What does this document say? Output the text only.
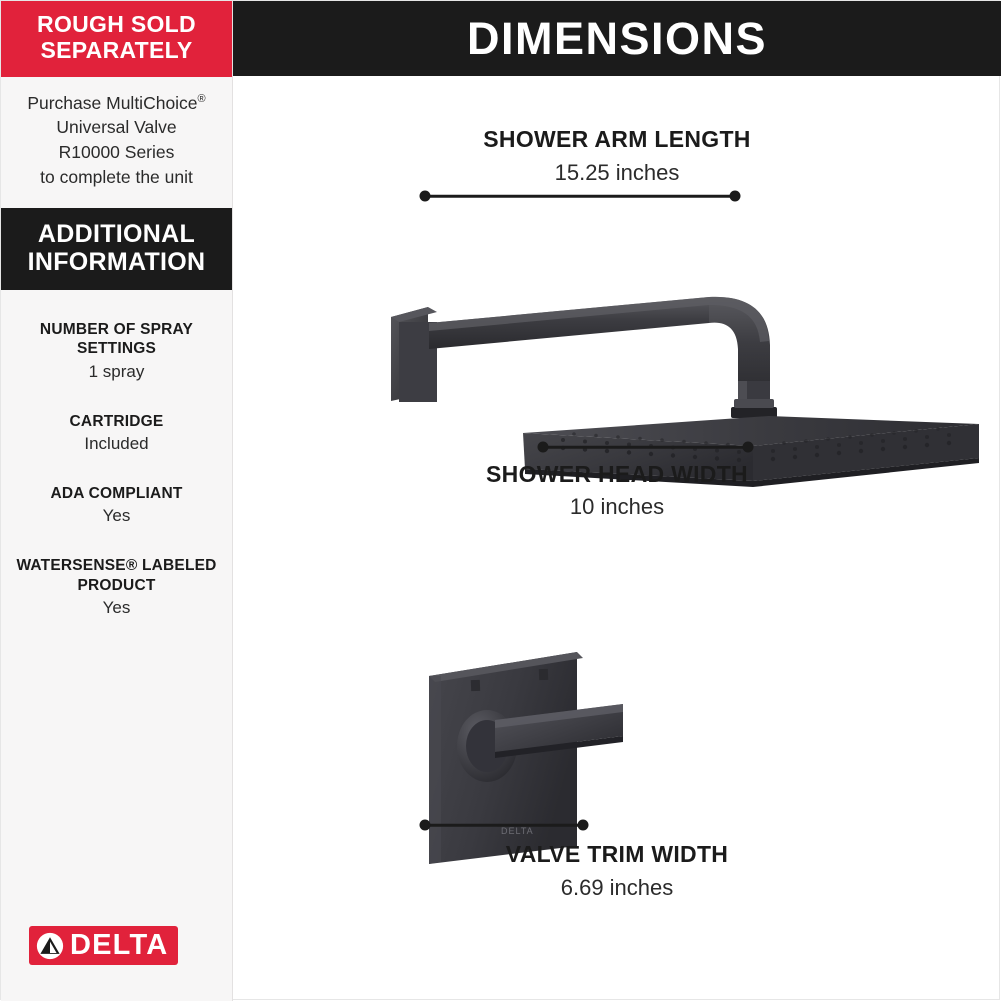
ROUGH SOLD SEPARATELY
Purchase MultiChoice®
Universal Valve
R10000 Series
to complete the unit
ADDITIONAL INFORMATION
NUMBER OF SPRAY SETTINGS
1 spray
CARTRIDGE
Included
ADA COMPLIANT
Yes
WATERSENSE® LABELED PRODUCT
Yes
DELTA
DIMENSIONS
SHOWER ARM LENGTH
15.25 inches
SHOWER HEAD WIDTH
10 inches
DELTA
VALVE TRIM WIDTH
6.69 inches
